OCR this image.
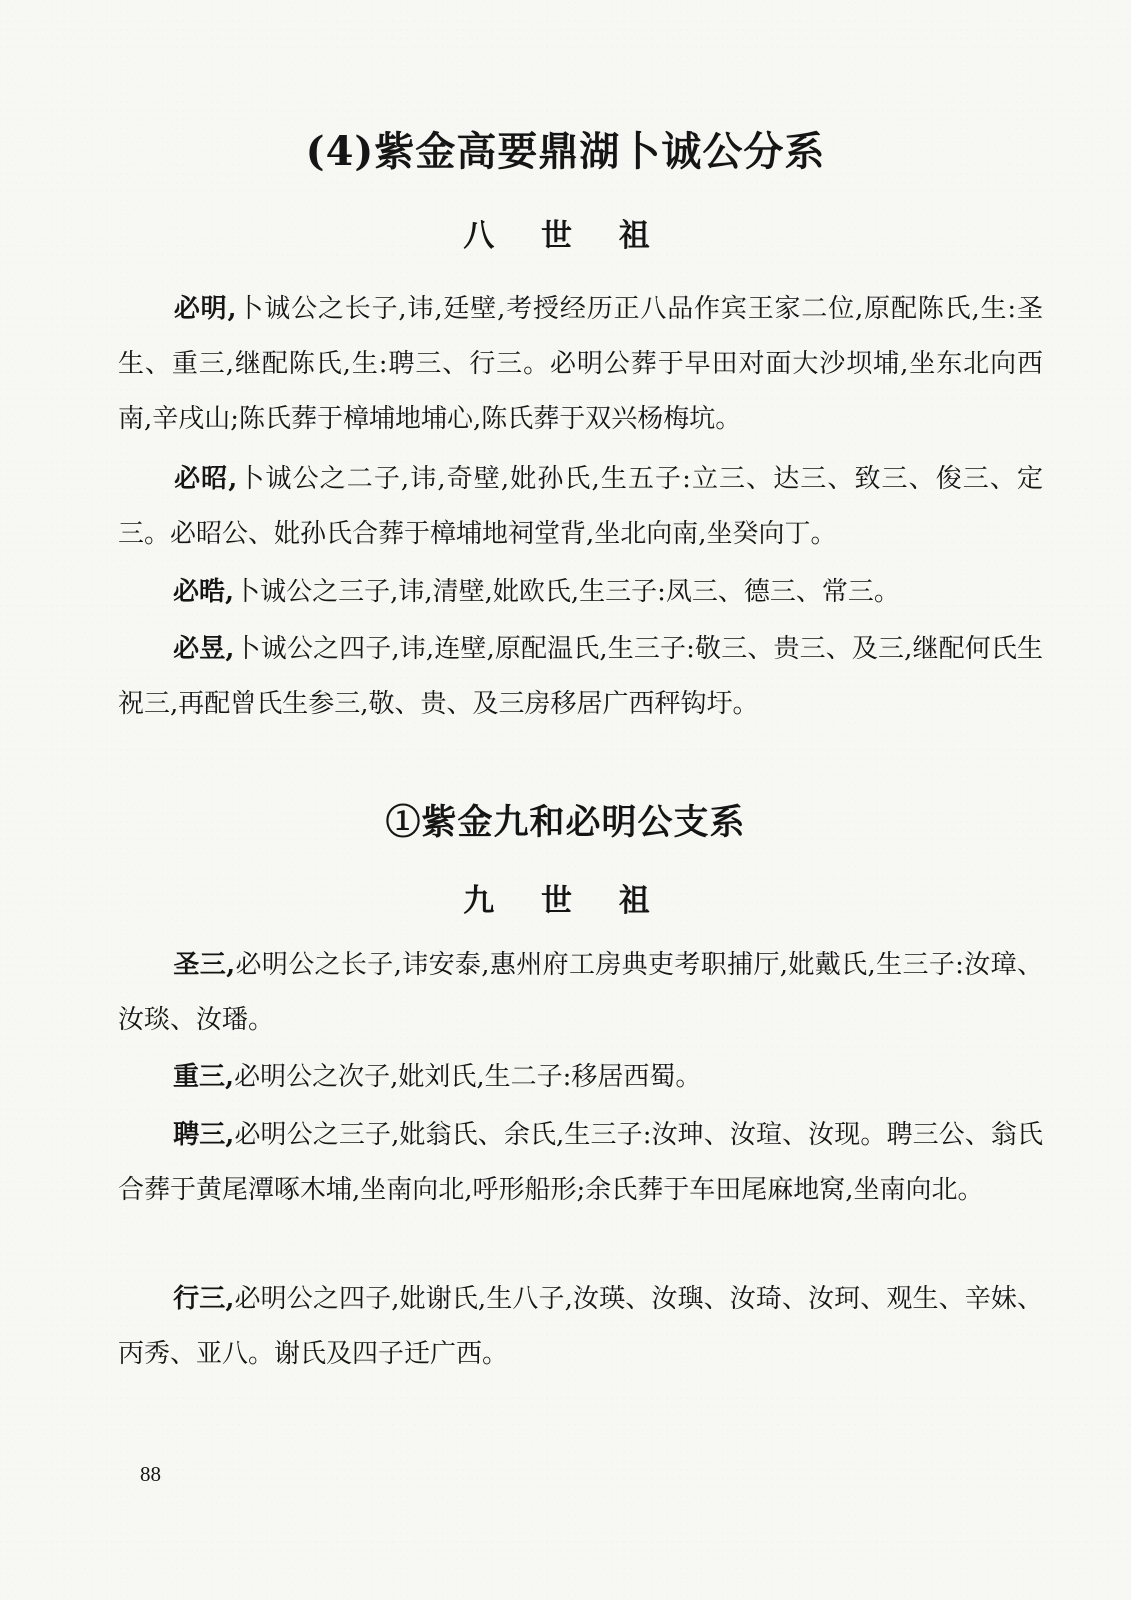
(4)紫金高要鼎湖卜诚公分系
八 世 祖
必明,卜诚公之长子,讳,廷壁,考授经历正八品作宾王家二位,原配陈氏,生:圣生、重三,继配陈氏,生:聘三、行三。必明公葬于早田对面大沙坝埔,坐东北向西南,辛戌山;陈氏葬于樟埔地埔心,陈氏葬于双兴杨梅坑。
必昭,卜诚公之二子,讳,奇壁,妣孙氏,生五子:立三、达三、致三、俊三、定三。必昭公、妣孙氏合葬于樟埔地祠堂背,坐北向南,坐癸向丁。
必晧,卜诚公之三子,讳,清壁,妣欧氏,生三子:凤三、德三、常三。
必昱,卜诚公之四子,讳,连壁,原配温氏,生三子:敬三、贵三、及三,继配何氏生祝三,再配曾氏生参三,敬、贵、及三房移居广西秤钩圩。
①紫金九和必明公支系
九 世 祖
圣三,必明公之长子,讳安泰,惠州府工房典吏考职捕厅,妣戴氏,生三子:汝璋、汝琰、汝璠。
重三,必明公之次子,妣刘氏,生二子:移居西蜀。
聘三,必明公之三子,妣翁氏、余氏,生三子:汝珅、汝瑄、汝现。聘三公、翁氏合葬于黄尾潭啄木埔,坐南向北,呼形船形;余氏葬于车田尾麻地窝,坐南向北。
行三,必明公之四子,妣谢氏,生八子,汝瑛、汝璵、汝琦、汝珂、观生、辛妹、丙秀、亚八。谢氏及四子迁广西。
88
